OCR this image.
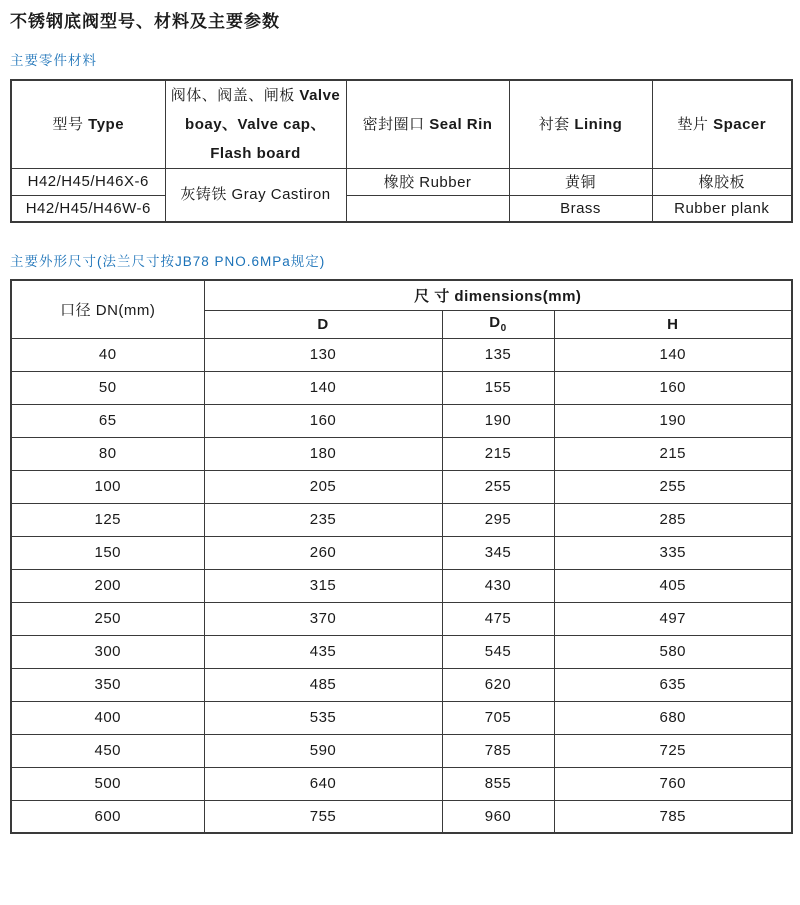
不锈钢底阀型号、材料及主要参数
主要零件材料
型号 Type	阀体、阀盖、闸板 Valve boay、Valve cap、Flash board	密封圈口 Seal Rin	衬套 Lining	垫片 Spacer
H42/H45/H46X-6	灰铸铁 Gray Castiron	橡胶 Rubber	黄铜	橡胶板
H42/H45/H46W-6			Brass	Rubber plank
主要外形尺寸(法兰尺寸按JB78 PNO.6MPa规定)
口径 DN(mm)	尺 寸 dimensions(mm)		
	D	$D_0$	H
40	130	135	140
50	140	155	160
65	160	190	190
80	180	215	215
100	205	255	255
125	235	295	285
150	260	345	335
200	315	430	405
250	370	475	497
300	435	545	580
350	485	620	635
400	535	705	680
450	590	785	725
500	640	855	760
600	755	960	785
